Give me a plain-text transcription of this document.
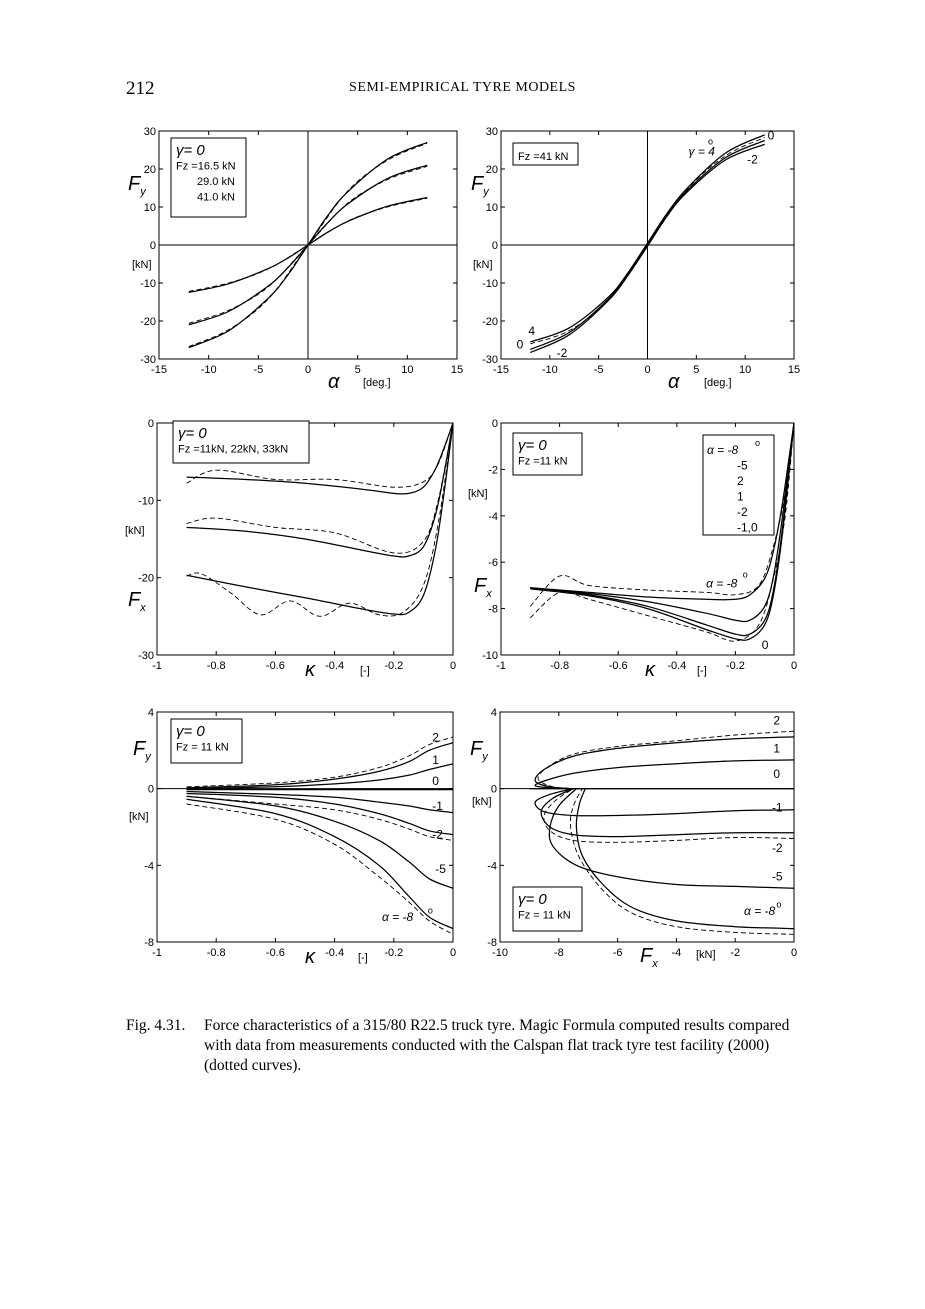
212	SEMI-EMPIRICAL TYRE MODELS
-15	-10	-5	0	5	10	15
-30
-20
-10
0
10
20
30
γ= 0
Fz =16.5 kN
29.0 kN
41.0 kN
$F_y$
[kN]
α [deg.]
-15	-10	-5	0	5	10	15
-30
-20
-10
0
10
20
30
γ = 4
o	0
-2
4
0
-2
Fz =41 kN
$F_y$
[kN]
α [deg.]
-1	-0.8	-0.6	-0.4	-0.2	0
-30
-20
-10
0
γ= 0
Fz =11kN, 22kN, 33kN
$F_x$
[kN]
κ	[-]	-1	-0.8	-0.6	-0.4	-0.2	0
-10
-8
-6
-4
-2
0
α = -8
o
0
γ= 0
Fz =11 kN
α = -8
-5
2
1
-2
-1,0
o
$F_x$
[kN]
κ	[-]
-1	-0.8	-0.6	-0.4	-0.2	0
-8
-4
0
4
2
1
0
-1
-2
-5
α = -8 o
γ= 0
Fz = 11 kN
$F_y$
[kN]
κ	[-]	-10	-8	-6	-4	-2	0
-8
-4
0
4
2
1
0
-1
-2
-5
α = -8 o
γ= 0
Fz = 11 kN
$F_y$
[kN]
$F_x$
[kN]
Fig. 4.31. Force characteristics of a 315/80 R22.5 truck tyre. Magic Formula computed results compared with data from measurements conducted with the Calspan flat track tyre test facility (2000) (dotted curves).
